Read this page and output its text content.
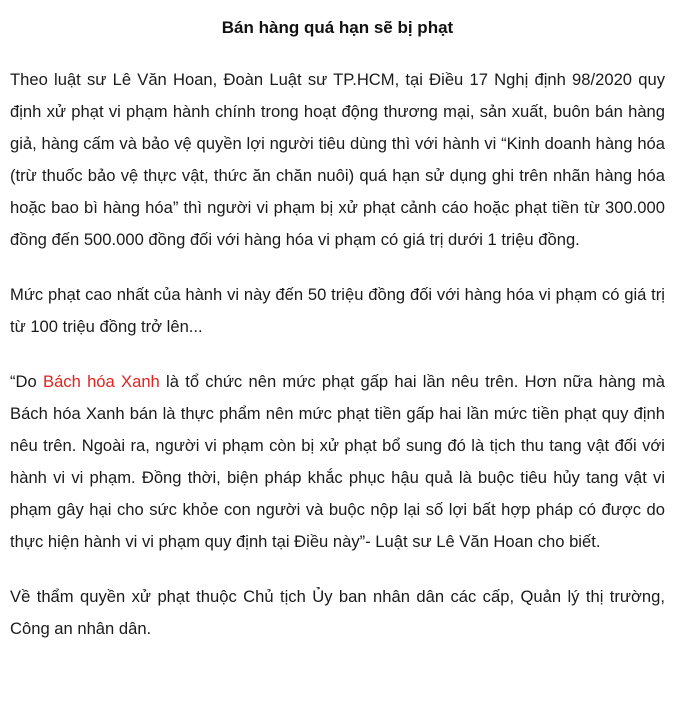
Bán hàng quá hạn sẽ bị phạt

Theo luật sư Lê Văn Hoan, Đoàn Luật sư TP.HCM, tại Điều 17 Nghị định 98/2020 quy định xử phạt vi phạm hành chính trong hoạt động thương mại, sản xuất, buôn bán hàng giả, hàng cấm và bảo vệ quyền lợi người tiêu dùng thì với hành vi “Kinh doanh hàng hóa (trừ thuốc bảo vệ thực vật, thức ăn chăn nuôi) quá hạn sử dụng ghi trên nhãn hàng hóa hoặc bao bì hàng hóa” thì người vi phạm bị xử phạt cảnh cáo hoặc phạt tiền từ 300.000 đồng đến 500.000 đồng đối với hàng hóa vi phạm có giá trị dưới 1 triệu đồng.

Mức phạt cao nhất của hành vi này đến 50 triệu đồng đối với hàng hóa vi phạm có giá trị từ 100 triệu đồng trở lên...

“Do Bách hóa Xanh là tổ chức nên mức phạt gấp hai lần nêu trên. Hơn nữa hàng mà Bách hóa Xanh bán là thực phẩm nên mức phạt tiền gấp hai lần mức tiền phạt quy định nêu trên. Ngoài ra, người vi phạm còn bị xử phạt bổ sung đó là tịch thu tang vật đối với hành vi vi phạm. Đồng thời, biện pháp khắc phục hậu quả là buộc tiêu hủy tang vật vi phạm gây hại cho sức khỏe con người và buộc nộp lại số lợi bất hợp pháp có được do thực hiện hành vi vi phạm quy định tại Điều này”- Luật sư Lê Văn Hoan cho biết.

Về thẩm quyền xử phạt thuộc Chủ tịch Ủy ban nhân dân các cấp, Quản lý thị trường, Công an nhân dân.
